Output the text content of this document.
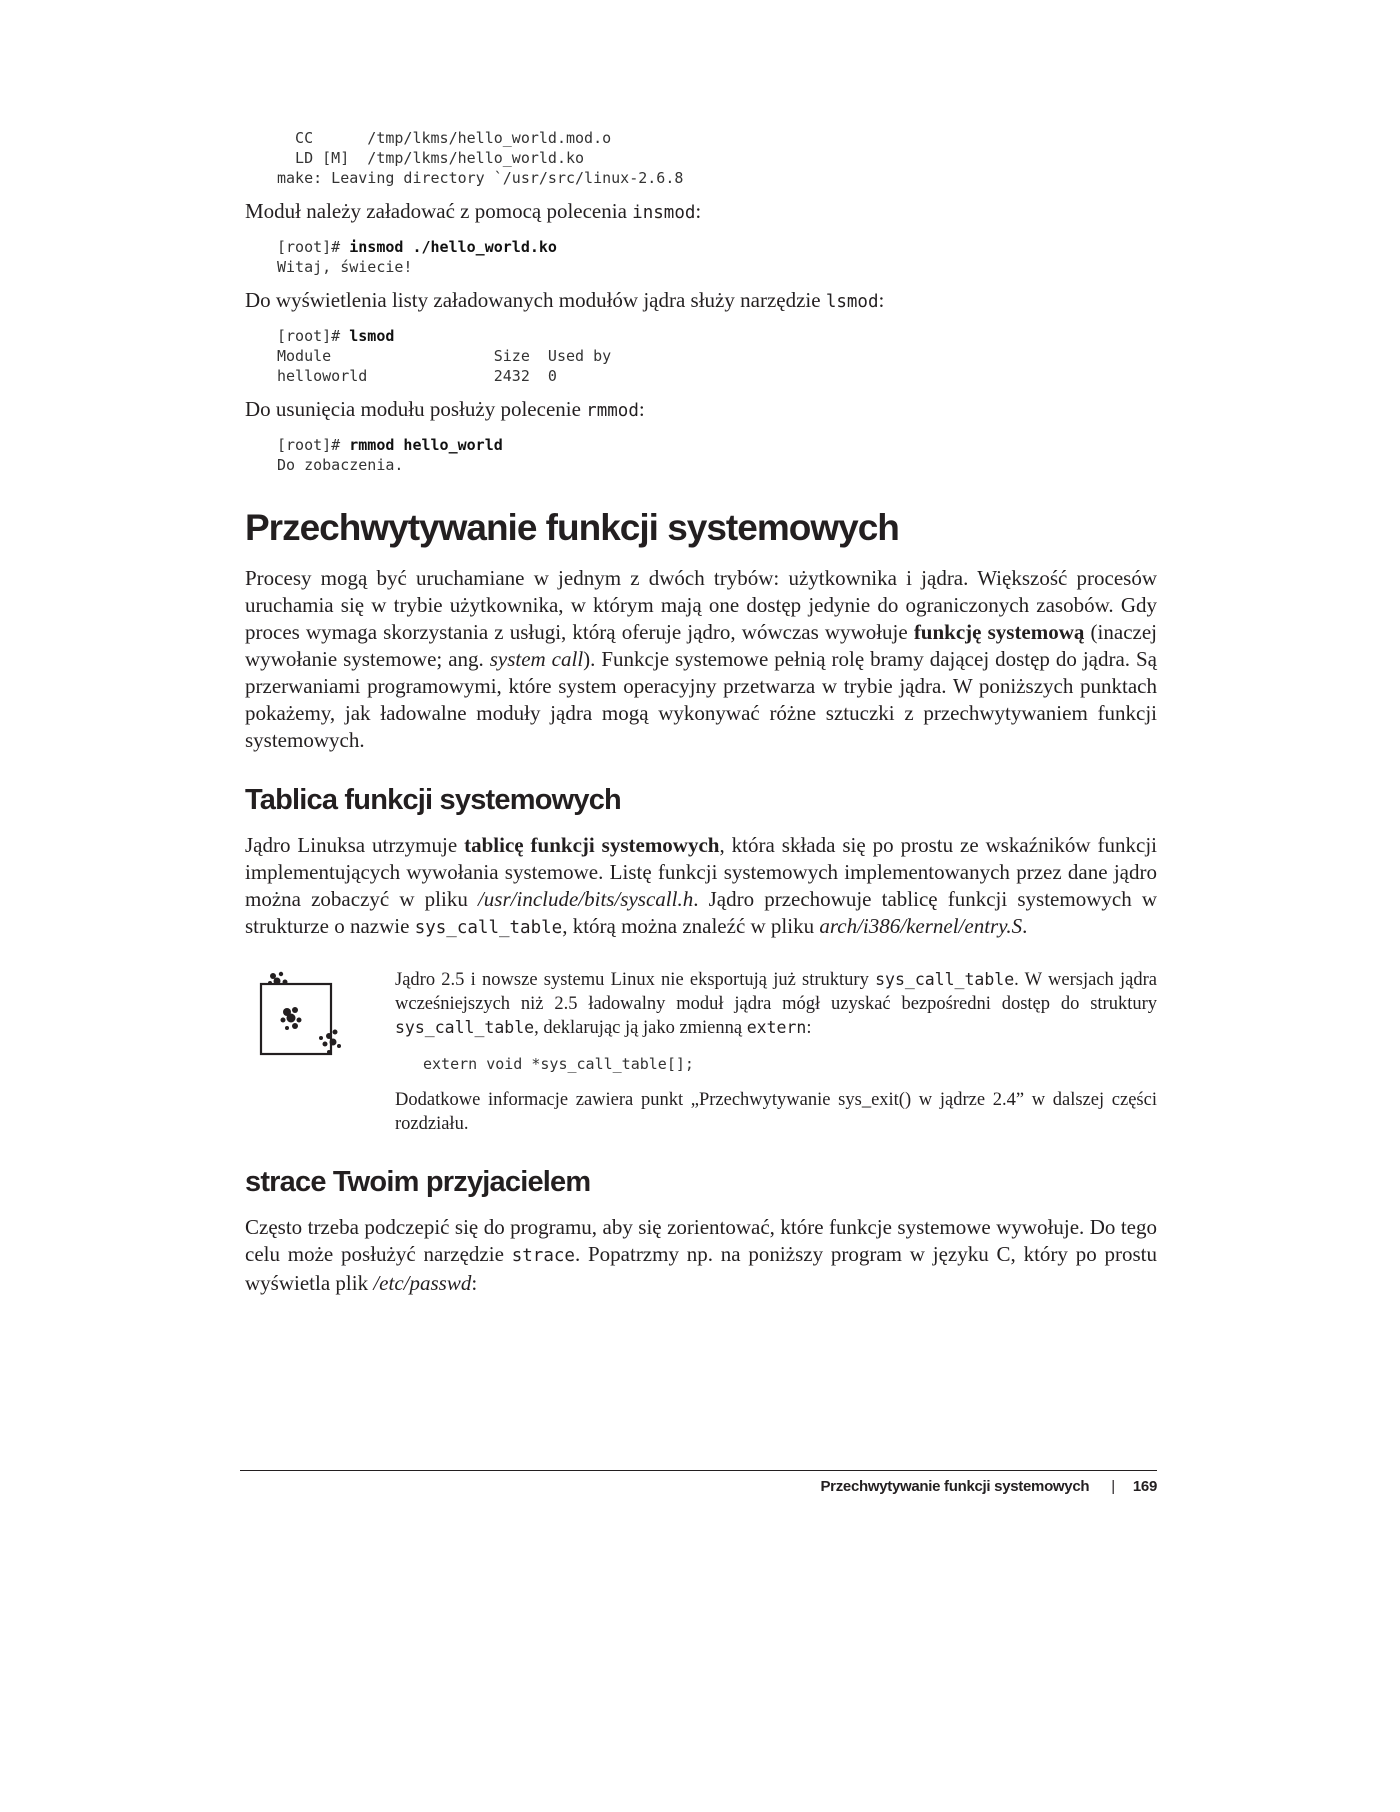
CC      /tmp/lkms/hello_world.mod.o
LD [M]  /tmp/lkms/hello_world.ko
make: Leaving directory `/usr/src/linux-2.6.8

Moduł należy załadować z pomocą polecenia insmod:

[root]# insmod ./hello_world.ko
Witaj, świecie!

Do wyświetlenia listy załadowanych modułów jądra służy narzędzie lsmod:

[root]# lsmod
Module                  Size  Used by
helloworld              2432  0

Do usunięcia modułu posłuży polecenie rmmod:

[root]# rmmod hello_world
Do zobaczenia.
Przechwytywanie funkcji systemowych

Procesy mogą być uruchamiane w jednym z dwóch trybów: użytkownika i jądra. Większość procesów uruchamia się w trybie użytkownika, w którym mają one dostęp jedynie do ograniczonych zasobów. Gdy proces wymaga skorzystania z usługi, którą oferuje jądro, wówczas wywołuje funkcję systemową (inaczej wywołanie systemowe; ang. system call). Funkcje systemowe pełnią rolę bramy dającej dostęp do jądra. Są przerwaniami programowymi, które system operacyjny przetwarza w trybie jądra. W poniższych punktach pokażemy, jak ładowalne moduły jądra mogą wykonywać różne sztuczki z przechwytywaniem funkcji systemowych.

Tablica funkcji systemowych

Jądro Linuksa utrzymuje tablicę funkcji systemowych, która składa się po prostu ze wskaźników funkcji implementujących wywołania systemowe. Listę funkcji systemowych implementowanych przez dane jądro można zobaczyć w pliku /usr/include/bits/syscall.h. Jądro przechowuje tablicę funkcji systemowych w strukturze o nazwie sys_call_table, którą można znaleźć w pliku arch/i386/kernel/entry.S.

Jądro 2.5 i nowsze systemu Linux nie eksportują już struktury sys_call_table. W wersjach jądra wcześniejszych niż 2.5 ładowalny moduł jądra mógł uzyskać bezpośredni dostęp do struktury sys_call_table, deklarując ją jako zmienną extern:

extern void *sys_call_table[];

Dodatkowe informacje zawiera punkt „Przechwytywanie sys_exit() w jądrze 2.4” w dalszej części rozdziału.

strace Twoim przyjacielem

Często trzeba podczepić się do programu, aby się zorientować, które funkcje systemowe wywołuje. Do tego celu może posłużyć narzędzie strace. Popatrzmy np. na poniższy program w języku C, który po prostu wyświetla plik /etc/passwd:

Przechwytywanie funkcji systemowych | 169
